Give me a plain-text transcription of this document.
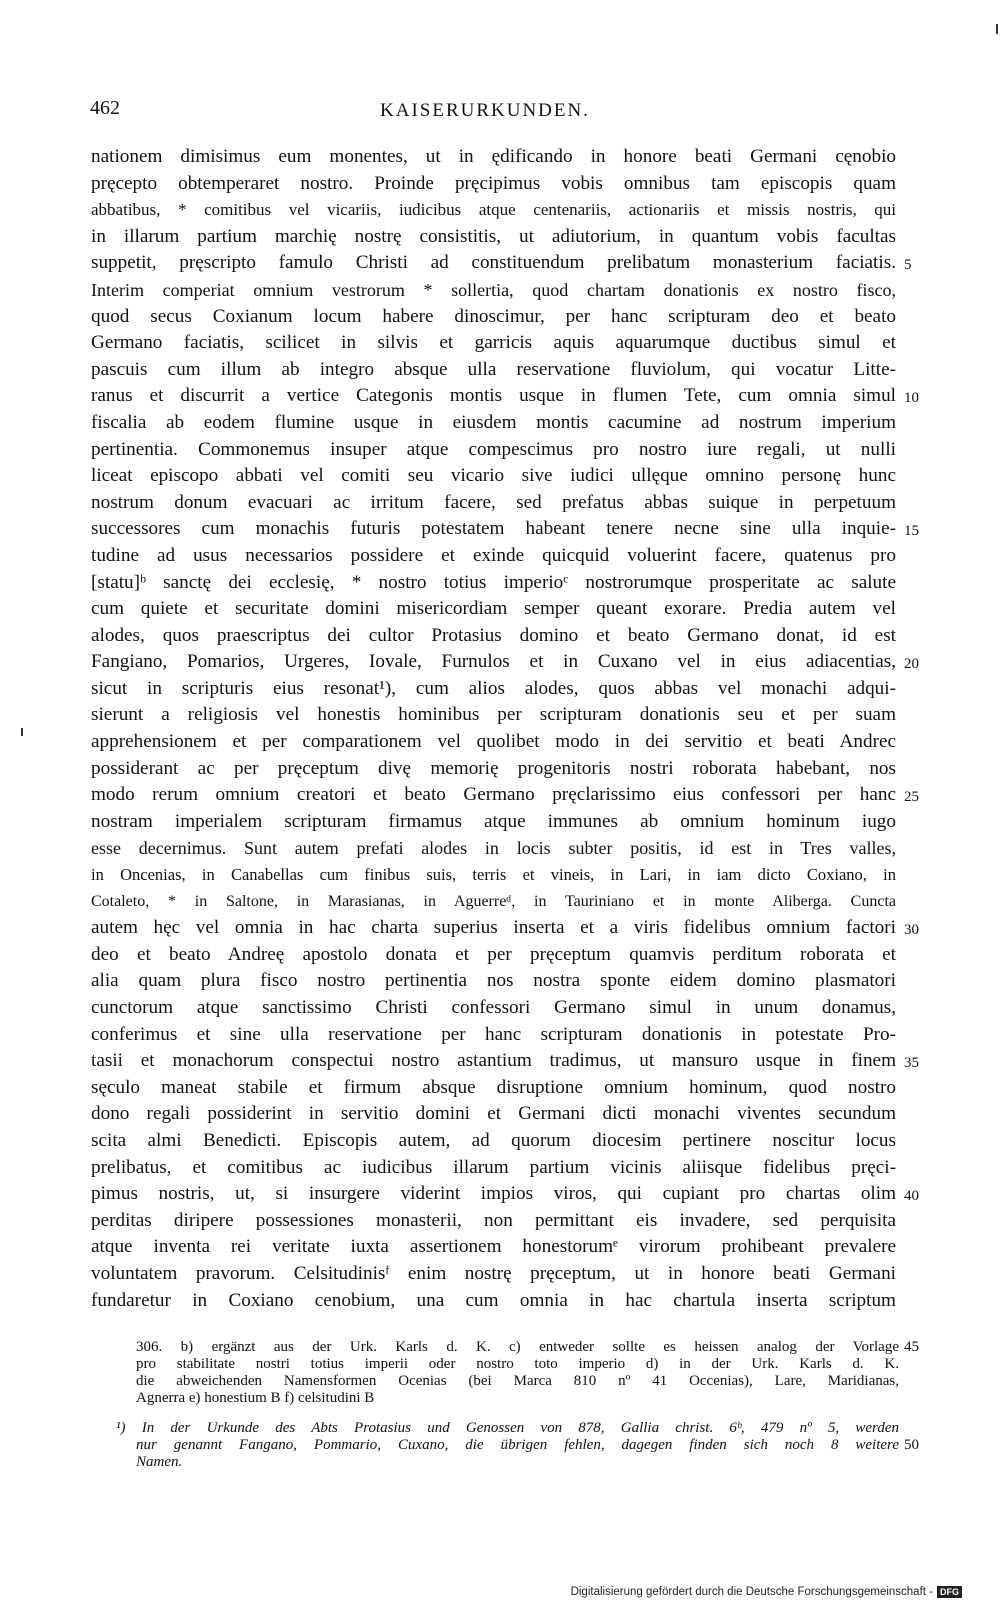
462	KAISERURKUNDEN.
nationem dimisimus eum monentes, ut in ędificando in honore beati Germani cęnobio
pręcepto obtemperaret nostro. Proinde pręcipimus vobis omnibus tam episcopis quam
abbatibus, * comitibus vel vicariis, iudicibus atque centenariis, actionariis et missis nostris, qui
in illarum partium marchię nostrę consistitis, ut adiutorium, in quantum vobis facultas
suppetit, pręscripto famulo Christi ad constituendum prelibatum monasterium faciatis.
Interim comperiat omnium vestrorum * sollertia, quod chartam donationis ex nostro fisco,
quod secus Coxianum locum habere dinoscimur, per hanc scripturam deo et beato
Germano faciatis, scilicet in silvis et garricis aquis aquarumque ductibus simul et
pascuis cum illum ab integro absque ulla reservatione fluviolum, qui vocatur Litte-
ranus et discurrit a vertice Categonis montis usque in flumen Tete, cum omnia simul
fiscalia ab eodem flumine usque in eiusdem montis cacumine ad nostrum imperium
pertinentia. Commonemus insuper atque compescimus pro nostro iure regali, ut nulli
liceat episcopo abbati vel comiti seu vicario sive iudici ullęque omnino personę hunc
nostrum donum evacuari ac irritum facere, sed prefatus abbas suique in perpetuum
successores cum monachis futuris potestatem habeant tenere necne sine ulla inquie-
tudine ad usus necessarios possidere et exinde quicquid voluerint facere, quatenus pro
[statu]ᵇ sanctę dei ecclesię, * nostro totius imperioᶜ nostrorumque prosperitate ac salute
cum quiete et securitate domini misericordiam semper queant exorare. Predia autem vel
alodes, quos praescriptus dei cultor Protasius domino et beato Germano donat, id est
Fangiano, Pomarios, Urgeres, Iovale, Furnulos et in Cuxano vel in eius adiacentias,
sicut in scripturis eius resonat¹), cum alios alodes, quos abbas vel monachi adqui-
sierunt a religiosis vel honestis hominibus per scripturam donationis seu et per suam
apprehensionem et per comparationem vel quolibet modo in dei servitio et beati Andrec
possiderant ac per pręceptum divę memorię progenitoris nostri roborata habebant, nos
modo rerum omnium creatori et beato Germano pręclarissimo eius confessori per hanc
nostram imperialem scripturam firmamus atque immunes ab omnium hominum iugo
esse decernimus. Sunt autem prefati alodes in locis subter positis, id est in Tres valles,
in Oncenias, in Canabellas cum finibus suis, terris et vineis, in Lari, in iam dicto Coxiano, in
Cotaleto, * in Saltone, in Marasianas, in Aguerreᵈ, in Tauriniano et in monte Aliberga. Cuncta
autem hęc vel omnia in hac charta superius inserta et a viris fidelibus omnium factori
deo et beato Andreę apostolo donata et per pręceptum quamvis perditum roborata et
alia quam plura fisco nostro pertinentia nos nostra sponte eidem domino plasmatori
cunctorum atque sanctissimo Christi confessori Germano simul in unum donamus,
conferimus et sine ulla reservatione per hanc scripturam donationis in potestate Pro-
tasii et monachorum conspectui nostro astantium tradimus, ut mansuro usque in finem
sęculo maneat stabile et firmum absque disruptione omnium hominum, quod nostro
dono regali possiderint in servitio domini et Germani dicti monachi viventes secundum
scita almi Benedicti. Episcopis autem, ad quorum diocesim pertinere noscitur locus
prelibatus, et comitibus ac iudicibus illarum partium vicinis aliisque fidelibus pręci-
pimus nostris, ut, si insurgere viderint impios viros, qui cupiant pro chartas olim
perditas diripere possessiones monasterii, non permittant eis invadere, sed perquisita
atque inventa rei veritate iuxta assertionem honestorumᵉ virorum prohibeant prevalere
voluntatem pravorum. Celsitudinisᶠ enim nostrę pręceptum, ut in honore beati Germani
fundaretur in Coxiano cenobium, una cum omnia in hac chartula inserta scriptum
5
10
15
20
25
30
35
40
306. b) ergänzt aus der Urk. Karls d. K. c) entweder sollte es heissen analog der Vorlage
pro stabilitate nostri totius imperii oder nostro toto imperio d) in der Urk. Karls d. K.
die abweichenden Namensformen Ocenias (bei Marca 810 nº 41 Occenias), Lare, Maridianas,
Agnerra e) honestium B f) celsitudini B
45
¹) In der Urkunde des Abts Protasius und Genossen von 878, Gallia christ. 6ᵇ, 479 nº 5, werden
nur genannt Fangano, Pommario, Cuxano, die übrigen fehlen, dagegen finden sich noch 8 weitere
Namen.
50
Digitalisierung gefördert durch die Deutsche Forschungsgemeinschaft - DFG
